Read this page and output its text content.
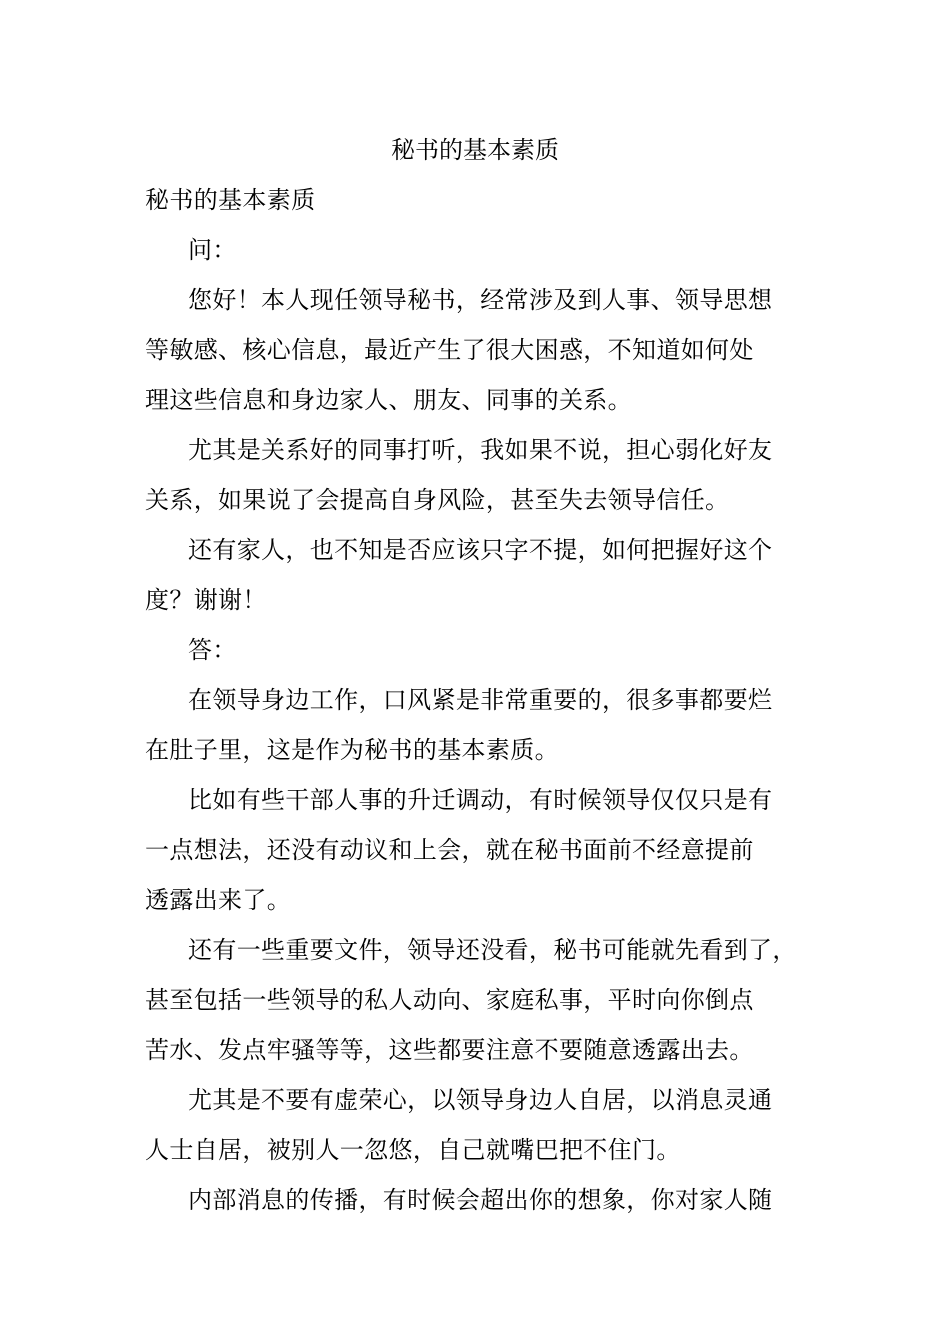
秘书的基本素质
秘书的基本素质
问：
您好！本人现任领导秘书，经常涉及到人事、领导思想
等敏感、核心信息，最近产生了很大困惑，不知道如何处
理这些信息和身边家人、朋友、同事的关系。
尤其是关系好的同事打听，我如果不说，担心弱化好友
关系，如果说了会提高自身风险，甚至失去领导信任。
还有家人，也不知是否应该只字不提，如何把握好这个
度？谢谢！
答：
在领导身边工作，口风紧是非常重要的，很多事都要烂
在肚子里，这是作为秘书的基本素质。
比如有些干部人事的升迁调动，有时候领导仅仅只是有
一点想法，还没有动议和上会，就在秘书面前不经意提前
透露出来了。
还有一些重要文件，领导还没看，秘书可能就先看到了，
甚至包括一些领导的私人动向、家庭私事，平时向你倒点
苦水、发点牢骚等等，这些都要注意不要随意透露出去。
尤其是不要有虚荣心，以领导身边人自居，以消息灵通
人士自居，被别人一忽悠，自己就嘴巴把不住门。
内部消息的传播，有时候会超出你的想象，你对家人随
